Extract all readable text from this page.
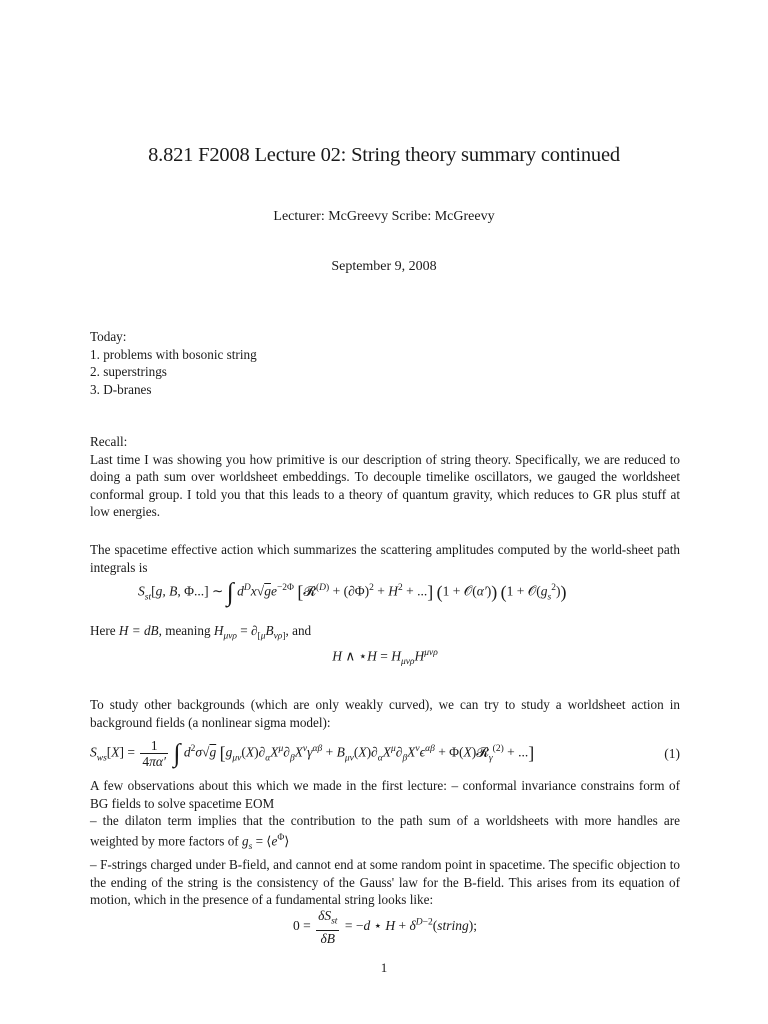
8.821 F2008 Lecture 02: String theory summary continued
Lecturer: McGreevy Scribe: McGreevy
September 9, 2008
Today:
1. problems with bosonic string
2. superstrings
3. D-branes
Recall:
Last time I was showing you how primitive is our description of string theory. Specifically, we are reduced to doing a path sum over worldsheet embeddings. To decouple timelike oscillators, we gauged the worldsheet conformal group. I told you that this leads to a theory of quantum gravity, which reduces to GR plus stuff at low energies.
The spacetime effective action which summarizes the scattering amplitudes computed by the world-sheet path integrals is
$S_{st}[g$, B, Φ...] ∼ ∫ $d^Dx√ge^{-2\Phi}$ [𝓡$^{(D)}$ + $(\partial\Phi)^2 + H^2$ + ...] (1 + 𝒪(α′)) $(1 + 𝒪(g_s^2))$
Here H = dB, meaning $H_{\mu\nu\rho} = \partial_{[\mu}B_{\nu\rho]}$, and
H ∧ ⋆H = $H_{\mu\nu\rho}H^{\mu\nu\rho}$
To study other backgrounds (which are only weakly curved), we can try to study a worldsheet action in background fields (a nonlinear sigma model):
$S_{ws}[X] = \frac{1}{4\pi\alpha'}$ ∫ $d^2\sigma√g$ [$g_{\mu\nu}(X)\partial_\alpha X^\mu\partial_\beta X^\nu\gamma^{\alpha\beta} + B_{\mu\nu}(X)\partial_\alpha X^\mu\partial_\beta X^\nu\epsilon^{\alpha\beta}$ + Φ(X)𝓡$_\gamma^{(2)}$ + ...]	(1)
A few observations about this which we made in the first lecture: – conformal invariance constrains form of BG fields to solve spacetime EOM
– the dilaton term implies that the contribution to the path sum of a worldsheets with more handles are weighted by more factors of $g_s$ = $⟨e^\Phi⟩$
– F-strings charged under B-field, and cannot end at some random point in spacetime. The specific objection to the ending of the string is the consistency of the Gauss' law for the B-field. This arises from its equation of motion, which in the presence of a fundamental string looks like:
$0 = \frac{\delta S_{st}}{\delta B} = -d$ ⋆ $H + \delta^{D-2}(string)$;
1
